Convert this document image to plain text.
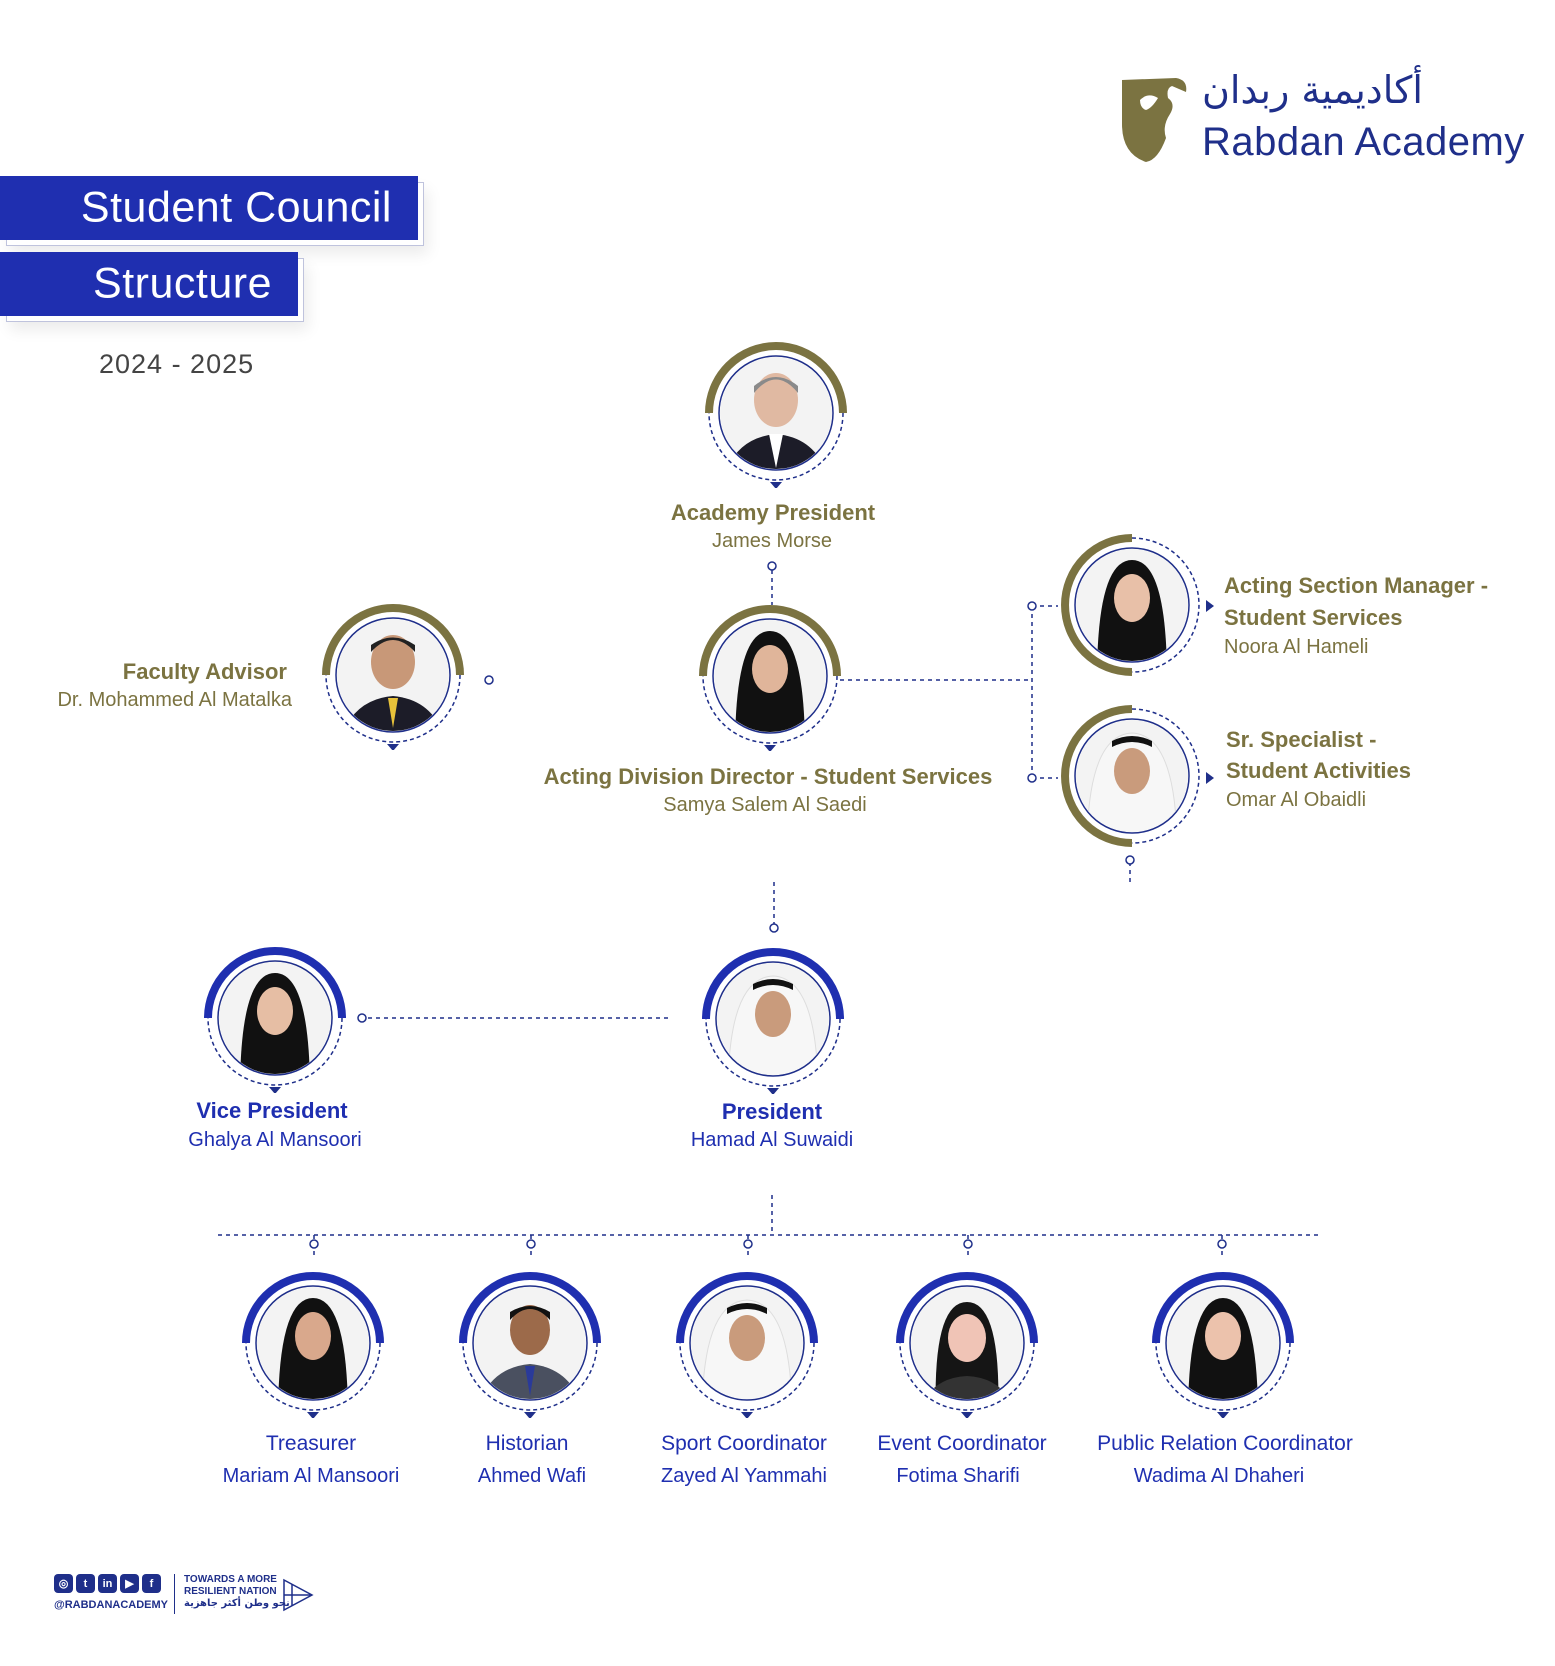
أكاديمية ربدان
Rabdan Academy
Student Council
Structure
2024 - 2025
Academy President
James Morse
Faculty Advisor
Dr. Mohammed Al Matalka
Acting Division Director - Student Services
Samya Salem Al Saedi
Acting Section Manager -
Student Services
Noora Al Hameli
Sr. Specialist -
Student Activities
Omar Al Obaidli
Vice President
Ghalya Al Mansoori
President
Hamad Al Suwaidi
Treasurer
Mariam Al Mansoori
Historian
Ahmed Wafi
Sport Coordinator
Zayed Al Yammahi
Event Coordinator
Fotima Sharifi
Public Relation Coordinator
Wadima Al Dhaheri
◎	t	in	▶	f
@RABDANACADEMY
TOWARDS A MORE
RESILIENT NATION
نحو وطن أكثر جاهزية
